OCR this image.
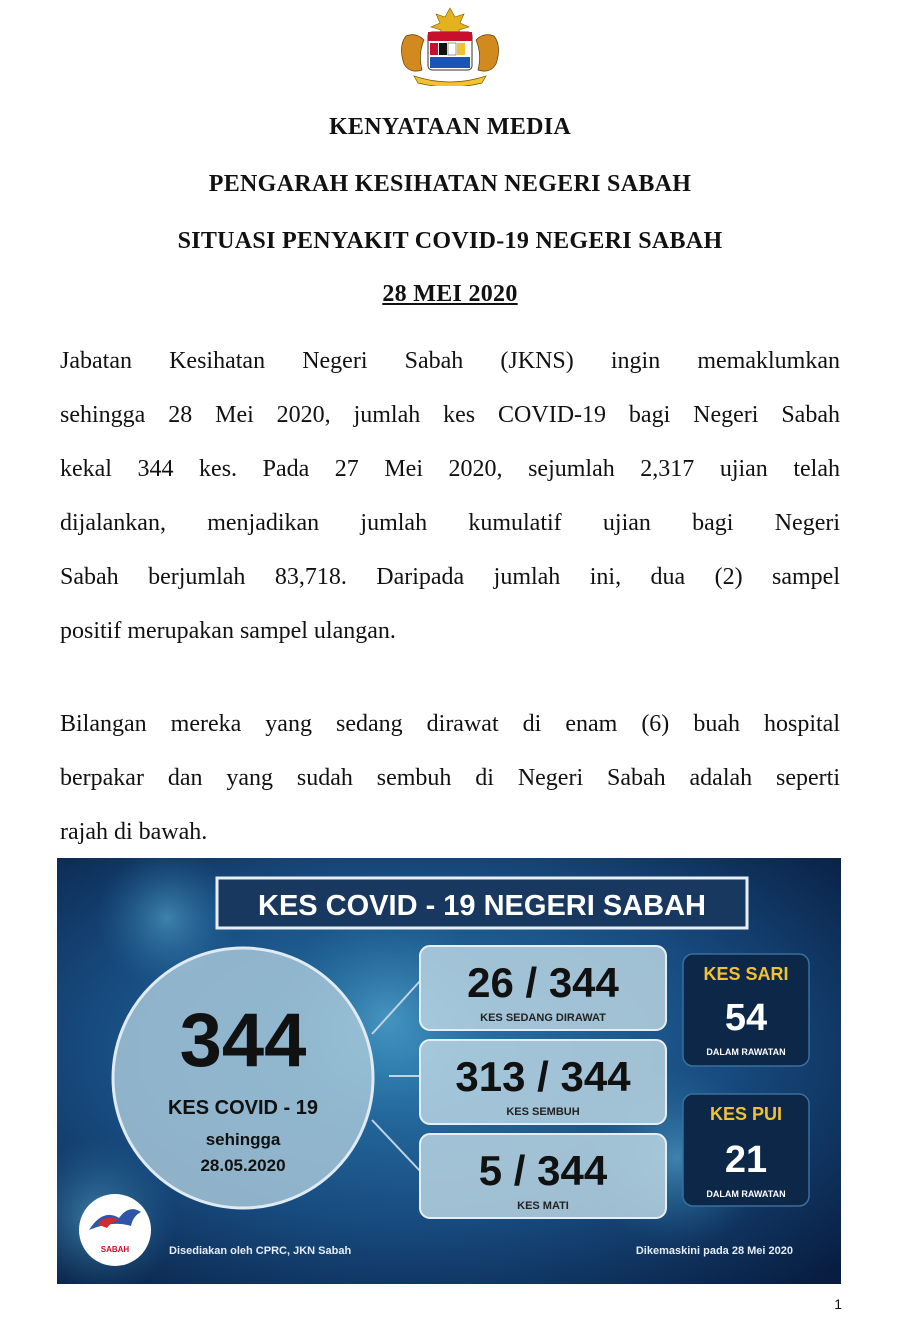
KENYATAAN MEDIA
PENGARAH KESIHATAN NEGERI SABAH
SITUASI PENYAKIT COVID-19 NEGERI SABAH
28 MEI 2020
Jabatan Kesihatan Negeri Sabah (JKNS) ingin memaklumkan
sehingga 28 Mei 2020, jumlah kes COVID-19 bagi Negeri Sabah
kekal 344 kes. Pada 27 Mei 2020, sejumlah 2,317 ujian telah
dijalankan, menjadikan jumlah kumulatif ujian bagi Negeri
Sabah berjumlah 83,718. Daripada jumlah ini, dua (2) sampel
positif merupakan sampel ulangan.
Bilangan mereka yang sedang dirawat di enam (6) buah hospital
berpakar dan yang sudah sembuh di Negeri Sabah adalah seperti
rajah di bawah.
KES COVID - 19 NEGERI SABAH
344
KES COVID - 19
sehingga
28.05.2020
26 / 344
KES SEDANG DIRAWAT
313 / 344
KES SEMBUH
5 / 344
KES MATI
KES SARI
54
DALAM RAWATAN
KES PUI
21
DALAM RAWATAN
SABAH	Disediakan oleh CPRC, JKN Sabah	Dikemaskini pada 28 Mei 2020
1
